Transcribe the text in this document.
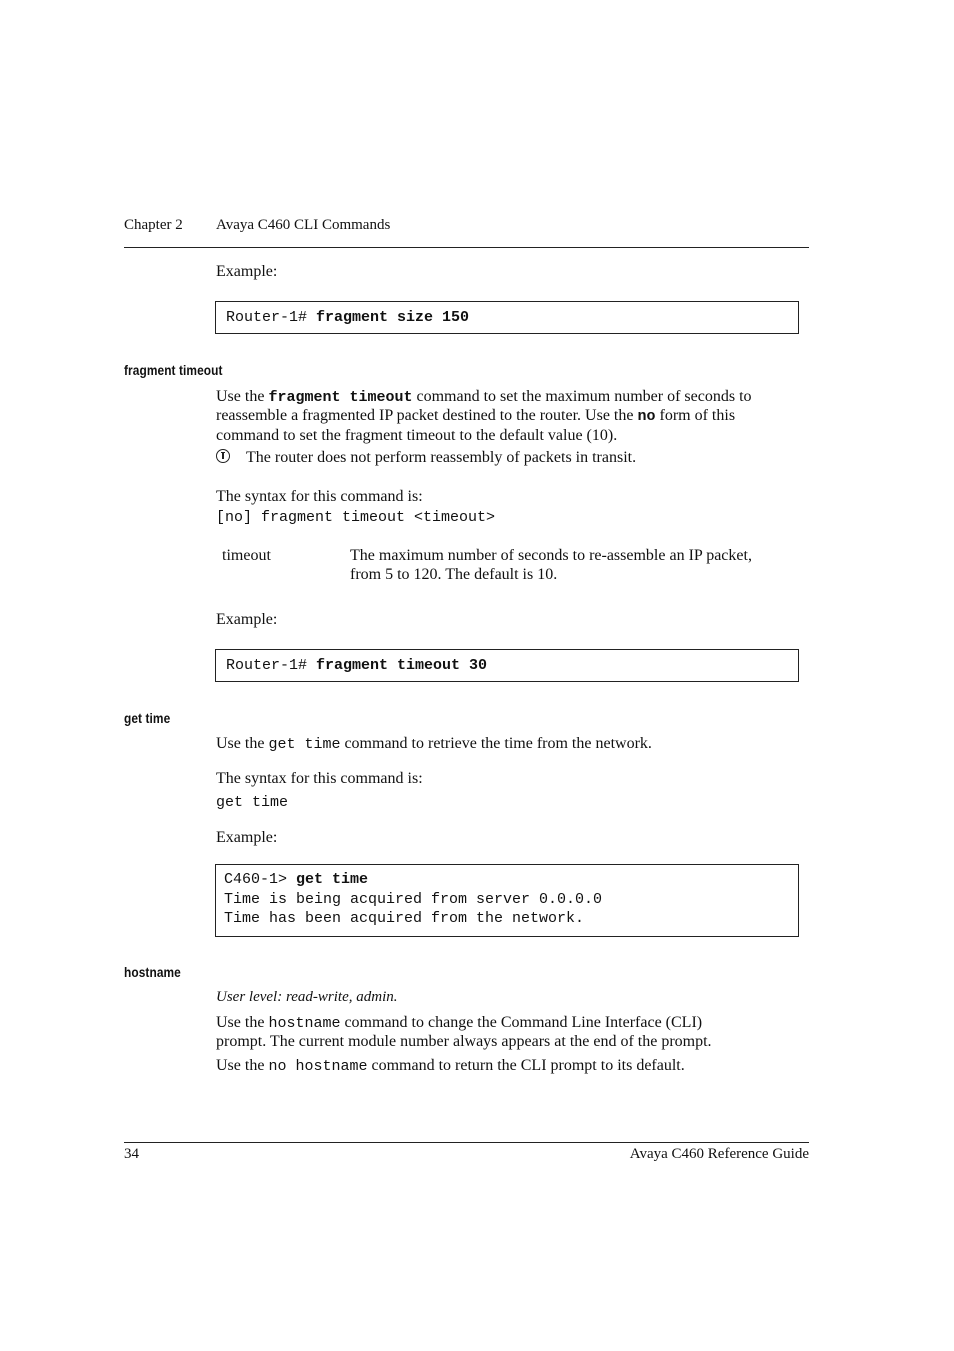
Chapter 2 Avaya C460 CLI Commands
Example:
Router-1# fragment size 150
fragment timeout
Use the fragment timeout command to set the maximum number of seconds to
reassemble a fragmented IP packet destined to the router. Use the no form of this
command to set the fragment timeout to the default value (10).
The router does not perform reassembly of packets in transit.
The syntax for this command is:
[no] fragment timeout <timeout>
timeout	The maximum number of seconds to re-assemble an IP packet,
from 5 to 120. The default is 10.
Example:
Router-1# fragment timeout 30
get time
Use the get time command to retrieve the time from the network.
The syntax for this command is:
get time
Example:
C460-1> get time
Time is being acquired from server 0.0.0.0
Time has been acquired from the network.
hostname
User level: read-write, admin.
Use the hostname command to change the Command Line Interface (CLI)
prompt. The current module number always appears at the end of the prompt.
Use the no hostname command to return the CLI prompt to its default.
34	Avaya C460 Reference Guide
